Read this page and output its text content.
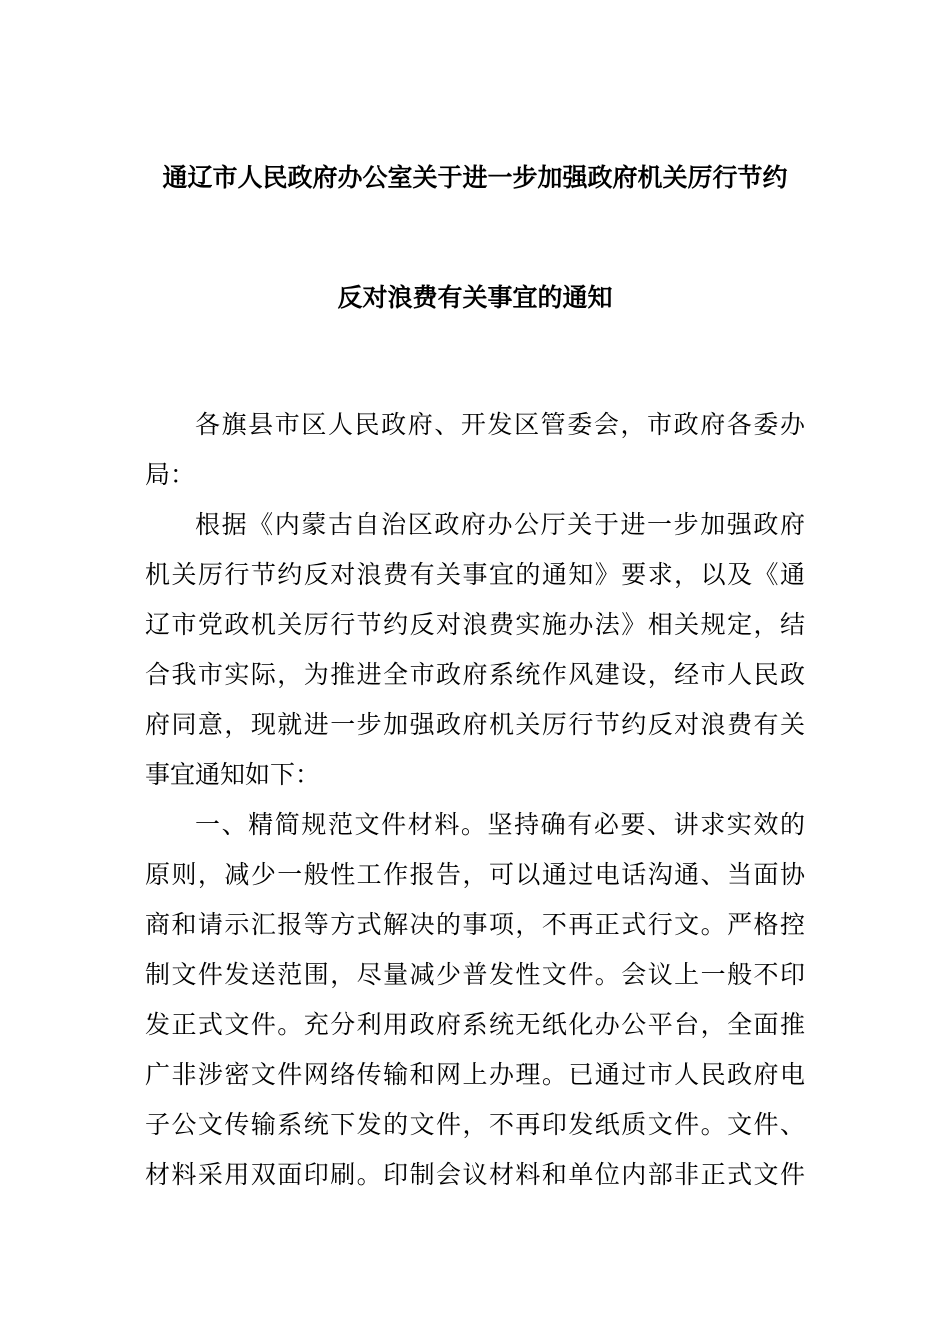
通辽市人民政府办公室关于进一步加强政府机关厉行节约
反对浪费有关事宜的通知
各旗县市区人民政府、开发区管委会，市政府各委办
局：
根据《内蒙古自治区政府办公厅关于进一步加强政府
机关厉行节约反对浪费有关事宜的通知》要求，以及《通
辽市党政机关厉行节约反对浪费实施办法》相关规定，结
合我市实际，为推进全市政府系统作风建设，经市人民政
府同意，现就进一步加强政府机关厉行节约反对浪费有关
事宜通知如下：
一、精简规范文件材料。坚持确有必要、讲求实效的
原则，减少一般性工作报告，可以通过电话沟通、当面协
商和请示汇报等方式解决的事项，不再正式行文。严格控
制文件发送范围，尽量减少普发性文件。会议上一般不印
发正式文件。充分利用政府系统无纸化办公平台，全面推
广非涉密文件网络传输和网上办理。已通过市人民政府电
子公文传输系统下发的文件，不再印发纸质文件。文件、
材料采用双面印刷。印制会议材料和单位内部非正式文件
